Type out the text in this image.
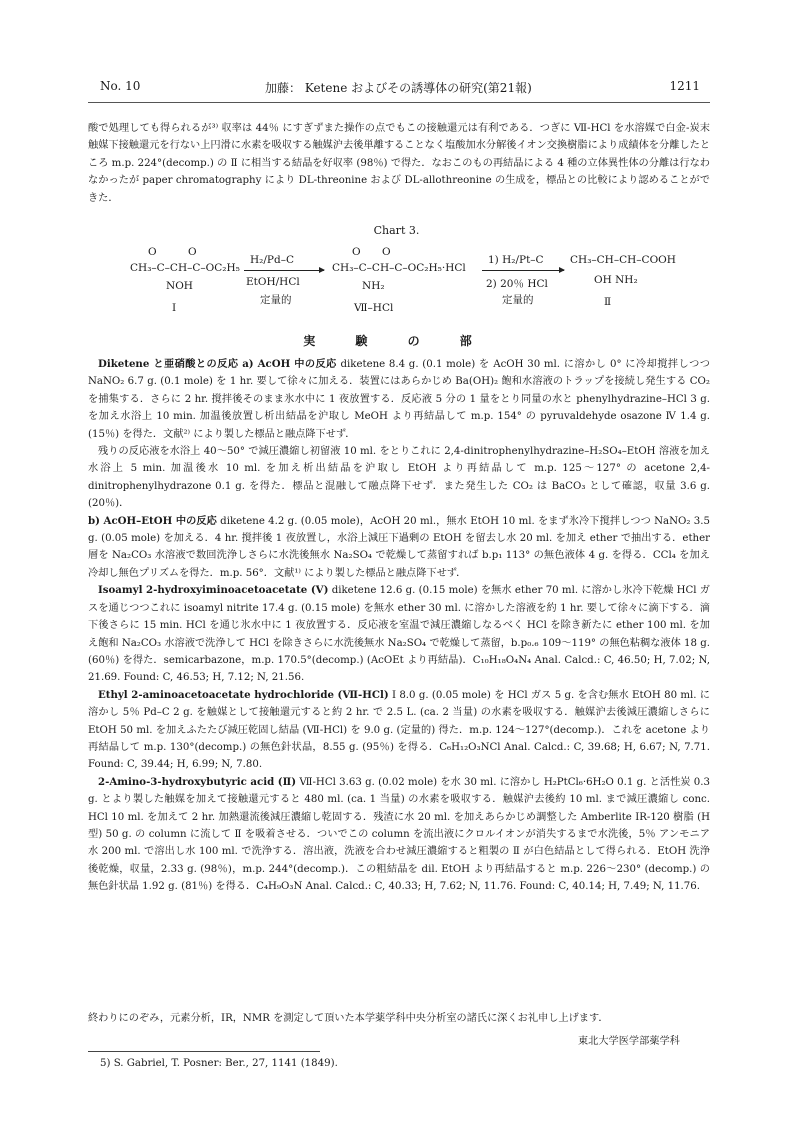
No. 10	加藤： Ketene およびその誘導体の研究(第21報)	1211

酸で処理しても得られるが³⁾ 収率は 44％ にすぎずまた操作の点でもこの接触還元は有利である．つぎに Ⅶ-HCl を水溶媒で白金-炭末触媒下接触還元を行ない上円滑に水素を吸収する触媒沪去後単離することなく塩酸加水分解後イオン交換樹脂により成績体を分離したところ m.p. 224°(decomp.) の Ⅱ に相当する結晶を好収率 (98％) で得た．なおこのもの再結晶による 4 種の立体異性体の分離は行なわなかったが paper chromatography により DL-threonine および DL-allothreonine の生成を，標品との比較により認めることができた．

Chart 3.
O	O
CH₃–C–CH–C–OC₂H₅
NOH
Ⅰ
H₂/Pd–C
EtOH/HCl
定量的
O O
CH₃–C–CH–C–OC₂H₅·HCl
NH₂
Ⅶ–HCl
1) H₂/Pt–C
2) 20％ HCl
定量的
CH₃–CH–CH–COOH
OH NH₂
Ⅱ
実 験 の 部

Diketene と亜硝酸との反応 a) AcOH 中の反応 diketene 8.4 g. (0.1 mole) を AcOH 30 ml. に溶かし 0° に冷却撹拌しつつ NaNO₂ 6.7 g. (0.1 mole) を 1 hr. 要して徐々に加える．装置にはあらかじめ Ba(OH)₂ 飽和水溶液のトラップを接続し発生する CO₂ を捕集する．さらに 2 hr. 撹拌後そのまま氷水中に 1 夜放置する．反応液 5 分の 1 量をとり同量の水と phenylhydrazine–HCl 3 g. を加え水浴上 10 min. 加温後放置し析出結晶を沪取し MeOH より再結晶して m.p. 154° の pyruvaldehyde osazone Ⅳ 1.4 g. (15％) を得た．文献²⁾ により製した標品と融点降下せず．

残りの反応液を水浴上 40～50° で減圧濃縮し初留液 10 ml. をとりこれに 2,4-dinitrophenylhydrazine–H₂SO₄–EtOH 溶液を加え水浴上 5 min. 加温後水 10 ml. を加え析出結晶を沪取し EtOH より再結晶して m.p. 125～127° の acetone 2,4-dinitrophenylhydrazone 0.1 g. を得た．標品と混融して融点降下せず．また発生した CO₂ は BaCO₃ として確認，収量 3.6 g. (20％)．

b) AcOH–EtOH 中の反応 diketene 4.2 g. (0.05 mole)，AcOH 20 ml.，無水 EtOH 10 ml. をまず氷冷下撹拌しつつ NaNO₂ 3.5 g. (0.05 mole) を加える．4 hr. 撹拌後 1 夜放置し，水浴上減圧下過剰の EtOH を留去し水 20 ml. を加え ether で抽出する．ether 層を Na₂CO₃ 水溶液で数回洗浄しさらに水洗後無水 Na₂SO₄ で乾燥して蒸留すれば b.p₁ 113° の無色液体 4 g. を得る．CCl₄ を加え冷却し無色プリズムを得た．m.p. 56°．文献¹⁾ により製した標品と融点降下せず．

Isoamyl 2-hydroxyiminoacetoacetate (Ⅴ) diketene 12.6 g. (0.15 mole) を無水 ether 70 ml. に溶かし氷冷下乾燥 HCl ガスを通じつつこれに isoamyl nitrite 17.4 g. (0.15 mole) を無水 ether 30 ml. に溶かした溶液を約 1 hr. 要して徐々に滴下する．滴下後さらに 15 min. HCl を通じ氷水中に 1 夜放置する．反応液を室温で減圧濃縮しなるべく HCl を除き新たに ether 100 ml. を加え飽和 Na₂CO₃ 水溶液で洗浄して HCl を除きさらに水洗後無水 Na₂SO₄ で乾燥して蒸留，b.p₀.₆ 109～119° の無色粘稠な液体 18 g. (60％) を得た．semicarbazone，m.p. 170.5°(decomp.) (AcOEt より再結晶)．C₁₀H₁₈O₄N₄ Anal. Calcd.: C, 46.50; H, 7.02; N, 21.69. Found: C, 46.53; H, 7.12; N, 21.56.

Ethyl 2-aminoacetoacetate hydrochloride (Ⅶ-HCl) Ⅰ 8.0 g. (0.05 mole) を HCl ガス 5 g. を含む無水 EtOH 80 ml. に溶かし 5％ Pd–C 2 g. を触媒として接触還元すると約 2 hr. で 2.5 L. (ca. 2 当量) の水素を吸収する．触媒沪去後減圧濃縮しさらに EtOH 50 ml. を加えふたたび減圧乾固し結晶 (Ⅶ-HCl) を 9.0 g. (定量的) 得た．m.p. 124～127°(decomp.)．これを acetone より再結晶して m.p. 130°(decomp.) の無色針状晶，8.55 g. (95％) を得る．C₆H₁₂O₃NCl Anal. Calcd.: C, 39.68; H, 6.67; N, 7.71. Found: C, 39.44; H, 6.99; N, 7.80.

2-Amino-3-hydroxybutyric acid (Ⅱ) Ⅶ-HCl 3.63 g. (0.02 mole) を水 30 ml. に溶かし H₂PtCl₆·6H₂O 0.1 g. と活性炭 0.3 g. とより製した触媒を加えて接触還元すると 480 ml. (ca. 1 当量) の水素を吸収する．触媒沪去後約 10 ml. まで減圧濃縮し conc. HCl 10 ml. を加えて 2 hr. 加熱還流後減圧濃縮し乾固する．残渣に水 20 ml. を加えあらかじめ調整した Amberlite IR-120 樹脂 (H 型) 50 g. の column に流して Ⅱ を吸着させる．ついでこの column を流出液にクロルイオンが消失するまで水洗後，5％ アンモニア水 200 ml. で溶出し水 100 ml. で洗浄する．溶出液，洗液を合わせ減圧濃縮すると粗製の Ⅱ が白色結晶として得られる．EtOH 洗浄後乾燥，収量，2.33 g. (98％)，m.p. 244°(decomp.)．この粗結晶を dil. EtOH より再結晶すると m.p. 226～230° (decomp.) の無色針状晶 1.92 g. (81％) を得る．C₄H₉O₃N Anal. Calcd.: C, 40.33; H, 7.62; N, 11.76. Found: C, 40.14; H, 7.49; N, 11.76.

終わりにのぞみ，元素分析，IR，NMR を測定して頂いた本学薬学科中央分析室の諸氏に深くお礼申し上げます．
東北大学医学部薬学科
5) S. Gabriel, T. Posner: Ber., 27, 1141 (1849).
